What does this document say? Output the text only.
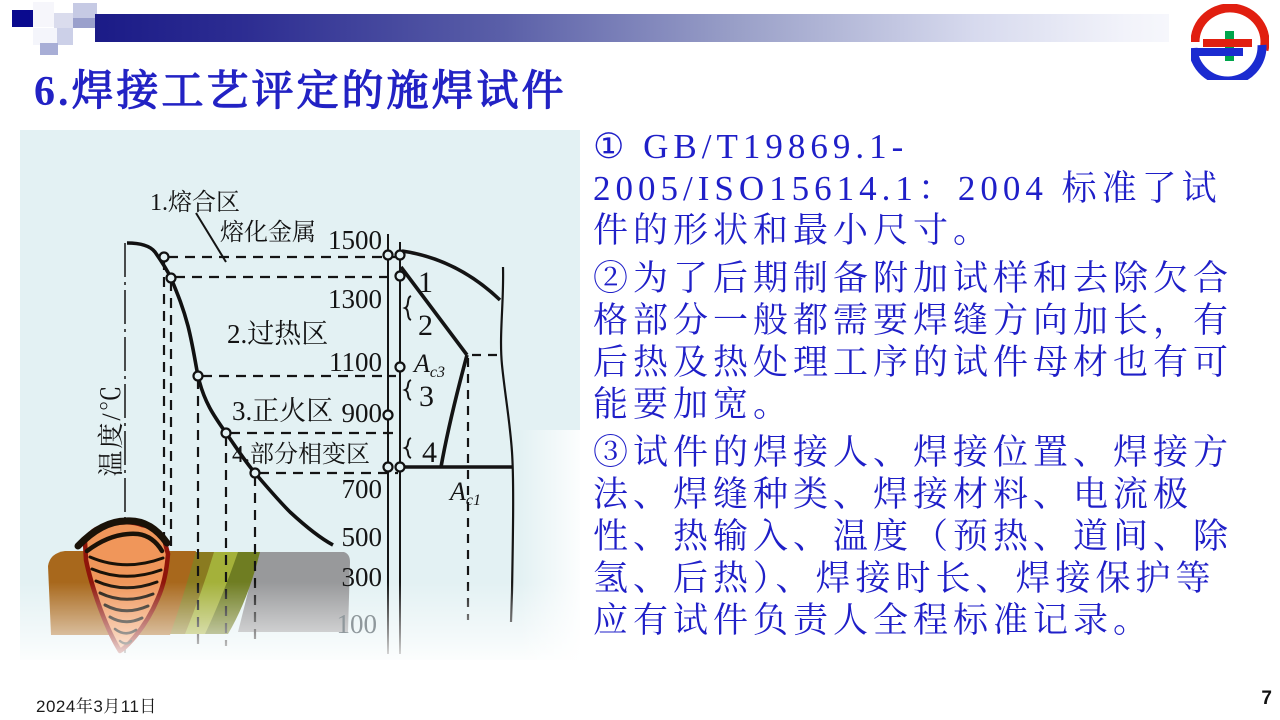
6.焊接工艺评定的施焊试件
温度/℃
1.熔合区
熔化金属
2.过热区
3.正火区
4.部分相变区
1500
1300
1100
900
700
500
300
100
1
2
3
4
Ac3
Ac1

① GB/T19869.1-2005/ISO15614.1：2004 标准了试件的形状和最小尺寸。

②为了后期制备附加试样和去除欠合格部分一般都需要焊缝方向加长，有后热及热处理工序的试件母材也有可能要加宽。

③试件的焊接人、焊接位置、焊接方法、焊缝种类、焊接材料、电流极性、热输入、温度（预热、道间、除氢、后热）、焊接时长、焊接保护等应有试件负责人全程标准记录。

2024年3月11日	7
